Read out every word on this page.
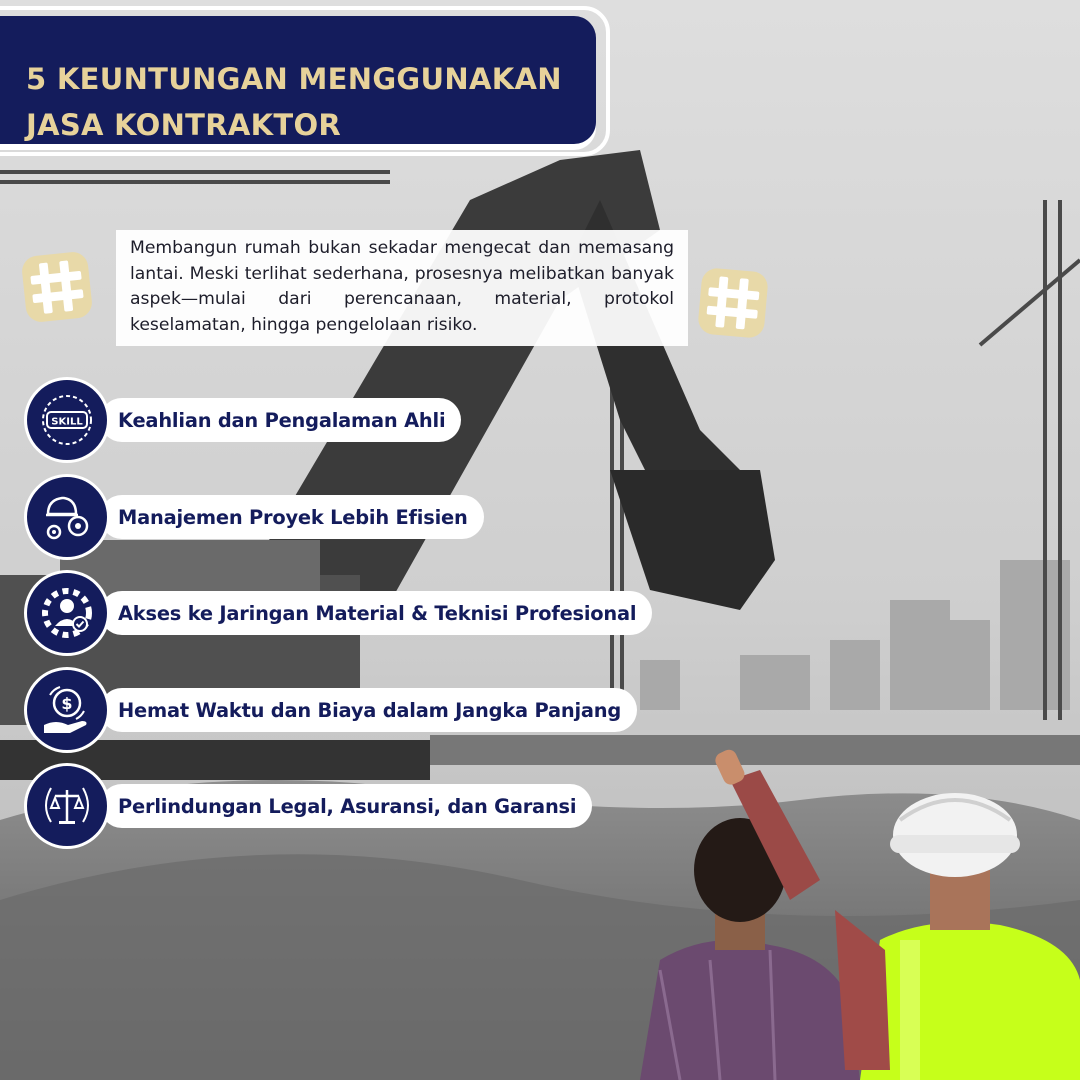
5 KEUNTUNGAN MENGGUNAKAN
JASA KONTRAKTOR

Membangun rumah bukan sekadar mengecat dan memasang lantai. Meski terlihat sederhana, prosesnya melibatkan banyak aspek—mulai dari perencanaan, material, protokol keselamatan, hingga pengelolaan risiko.

SKILL Keahlian dan Pengalaman Ahli
Manajemen Proyek Lebih Efisien
Akses ke Jaringan Material & Teknisi Profesional
$ Hemat Waktu dan Biaya dalam Jangka Panjang
Perlindungan Legal, Asuransi, dan Garansi
